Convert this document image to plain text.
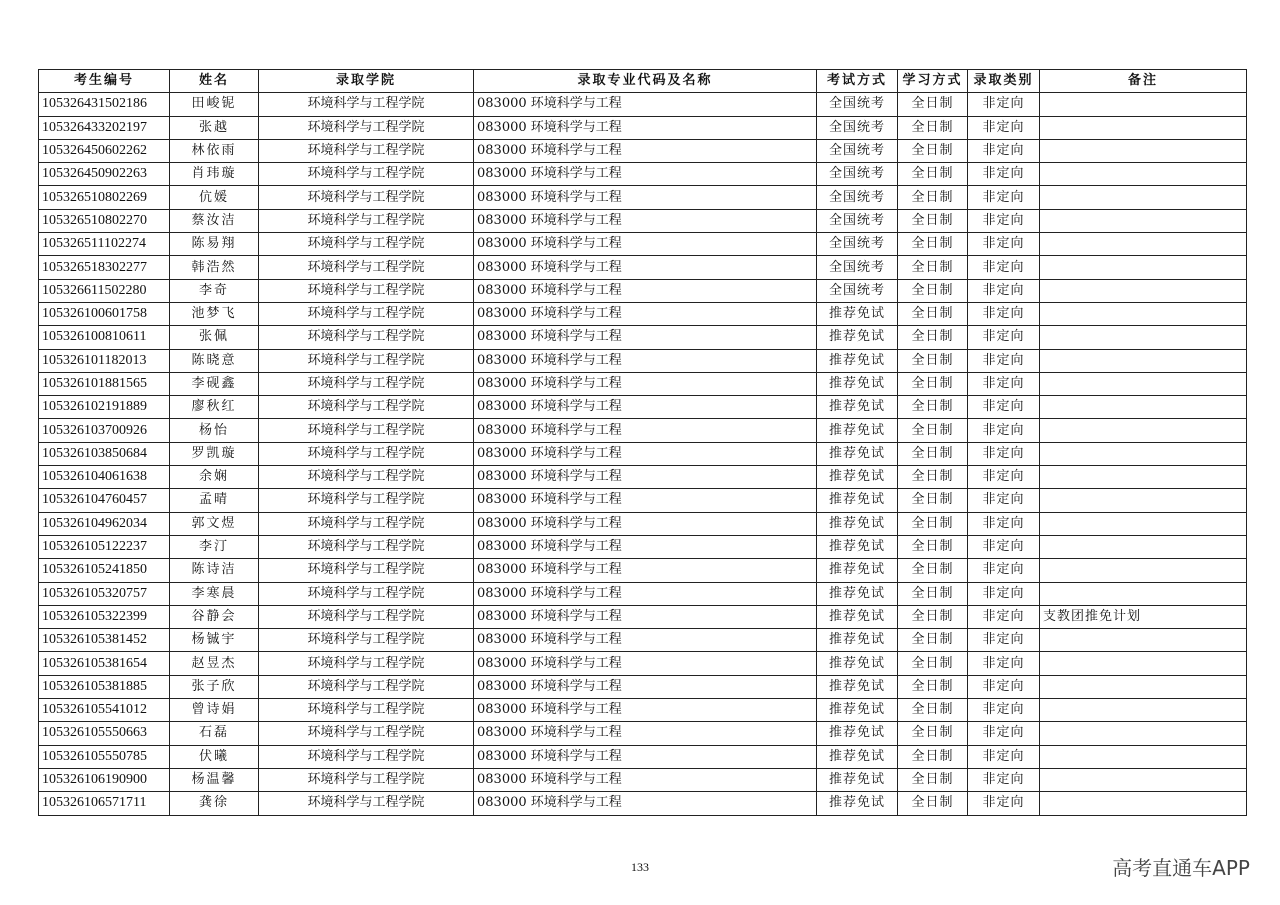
考生编号	姓名	录取学院	录取专业代码及名称	考试方式	学习方式	录取类别	备注
105326431502186	田峻铌	环境科学与工程学院	083000 环境科学与工程	全国统考	全日制	非定向	
105326433202197	张越	环境科学与工程学院	083000 环境科学与工程	全国统考	全日制	非定向	
105326450602262	林依雨	环境科学与工程学院	083000 环境科学与工程	全国统考	全日制	非定向	
105326450902263	肖玮璇	环境科学与工程学院	083000 环境科学与工程	全国统考	全日制	非定向	
105326510802269	伉媛	环境科学与工程学院	083000 环境科学与工程	全国统考	全日制	非定向	
105326510802270	蔡汝洁	环境科学与工程学院	083000 环境科学与工程	全国统考	全日制	非定向	
105326511102274	陈易翔	环境科学与工程学院	083000 环境科学与工程	全国统考	全日制	非定向	
105326518302277	韩浩然	环境科学与工程学院	083000 环境科学与工程	全国统考	全日制	非定向	
105326611502280	李奇	环境科学与工程学院	083000 环境科学与工程	全国统考	全日制	非定向	
105326100601758	池梦飞	环境科学与工程学院	083000 环境科学与工程	推荐免试	全日制	非定向	
105326100810611	张佩	环境科学与工程学院	083000 环境科学与工程	推荐免试	全日制	非定向	
105326101182013	陈晓意	环境科学与工程学院	083000 环境科学与工程	推荐免试	全日制	非定向	
105326101881565	李砚鑫	环境科学与工程学院	083000 环境科学与工程	推荐免试	全日制	非定向	
105326102191889	廖秋红	环境科学与工程学院	083000 环境科学与工程	推荐免试	全日制	非定向	
105326103700926	杨怡	环境科学与工程学院	083000 环境科学与工程	推荐免试	全日制	非定向	
105326103850684	罗凯璇	环境科学与工程学院	083000 环境科学与工程	推荐免试	全日制	非定向	
105326104061638	余娴	环境科学与工程学院	083000 环境科学与工程	推荐免试	全日制	非定向	
105326104760457	孟晴	环境科学与工程学院	083000 环境科学与工程	推荐免试	全日制	非定向	
105326104962034	郭文煜	环境科学与工程学院	083000 环境科学与工程	推荐免试	全日制	非定向	
105326105122237	李汀	环境科学与工程学院	083000 环境科学与工程	推荐免试	全日制	非定向	
105326105241850	陈诗洁	环境科学与工程学院	083000 环境科学与工程	推荐免试	全日制	非定向	
105326105320757	李寒晨	环境科学与工程学院	083000 环境科学与工程	推荐免试	全日制	非定向	
105326105322399	谷静会	环境科学与工程学院	083000 环境科学与工程	推荐免试	全日制	非定向	支教团推免计划
105326105381452	杨铖宇	环境科学与工程学院	083000 环境科学与工程	推荐免试	全日制	非定向	
105326105381654	赵昱杰	环境科学与工程学院	083000 环境科学与工程	推荐免试	全日制	非定向	
105326105381885	张子欣	环境科学与工程学院	083000 环境科学与工程	推荐免试	全日制	非定向	
105326105541012	曾诗娟	环境科学与工程学院	083000 环境科学与工程	推荐免试	全日制	非定向	
105326105550663	石磊	环境科学与工程学院	083000 环境科学与工程	推荐免试	全日制	非定向	
105326105550785	伏曦	环境科学与工程学院	083000 环境科学与工程	推荐免试	全日制	非定向	
105326106190900	杨温馨	环境科学与工程学院	083000 环境科学与工程	推荐免试	全日制	非定向	
105326106571711	龚徐	环境科学与工程学院	083000 环境科学与工程	推荐免试	全日制	非定向	
133	高考直通车APP
